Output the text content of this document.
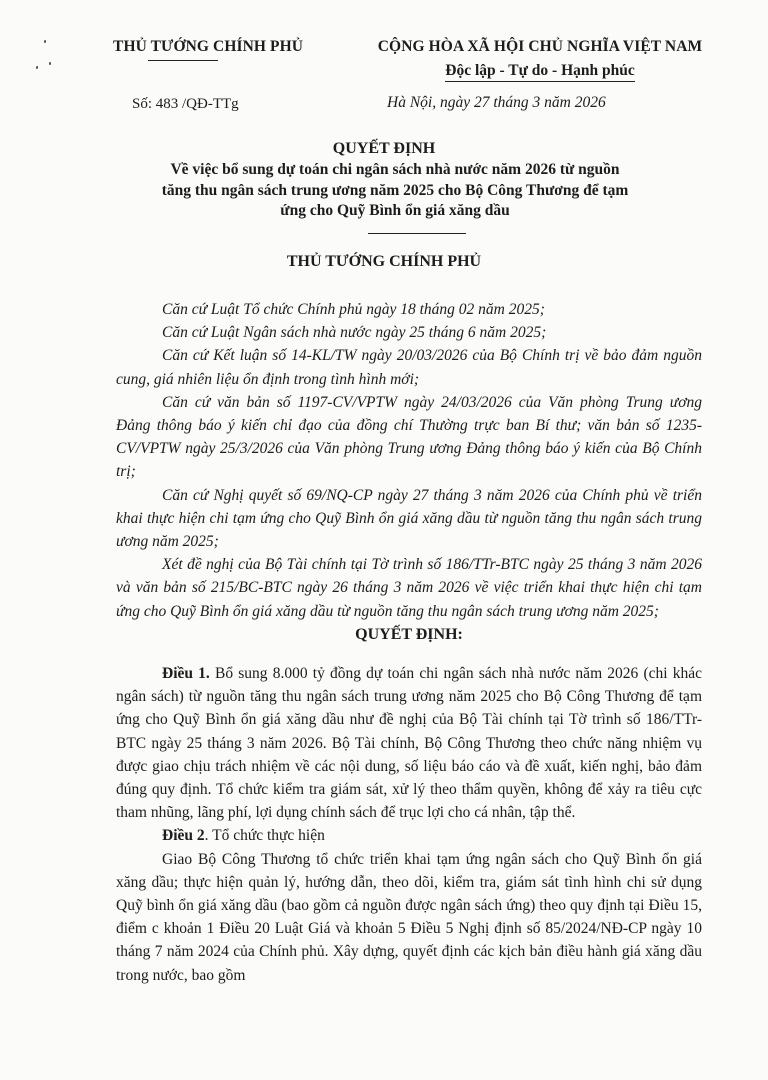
THỦ TƯỚNG CHÍNH PHỦ	CỘNG HÒA XÃ HỘI CHỦ NGHĨA VIỆT NAM
Độc lập - Tự do - Hạnh phúc
Số: 483 /QĐ-TTg	Hà Nội, ngày 27 tháng 3 năm 2026
QUYẾT ĐỊNH
Về việc bổ sung dự toán chi ngân sách nhà nước năm 2026 từ nguồn tăng thu ngân sách trung ương năm 2025 cho Bộ Công Thương để tạm ứng cho Quỹ Bình ổn giá xăng dầu
THỦ TƯỚNG CHÍNH PHỦ

Căn cứ Luật Tổ chức Chính phủ ngày 18 tháng 02 năm 2025;

Căn cứ Luật Ngân sách nhà nước ngày 25 tháng 6 năm 2025;

Căn cứ Kết luận số 14-KL/TW ngày 20/03/2026 của Bộ Chính trị về bảo đảm nguồn cung, giá nhiên liệu ổn định trong tình hình mới;

Căn cứ văn bản số 1197-CV/VPTW ngày 24/03/2026 của Văn phòng Trung ương Đảng thông báo ý kiến chỉ đạo của đồng chí Thường trực ban Bí thư; văn bản số 1235-CV/VPTW ngày 25/3/2026 của Văn phòng Trung ương Đảng thông báo ý kiến của Bộ Chính trị;

Căn cứ Nghị quyết số 69/NQ-CP ngày 27 tháng 3 năm 2026 của Chính phủ về triển khai thực hiện chi tạm ứng cho Quỹ Bình ổn giá xăng dầu từ nguồn tăng thu ngân sách trung ương năm 2025;

Xét đề nghị của Bộ Tài chính tại Tờ trình số 186/TTr-BTC ngày 25 tháng 3 năm 2026 và văn bản số 215/BC-BTC ngày 26 tháng 3 năm 2026 về việc triển khai thực hiện chi tạm ứng cho Quỹ Bình ổn giá xăng dầu từ nguồn tăng thu ngân sách trung ương năm 2025;

QUYẾT ĐỊNH:

Điều 1. Bổ sung 8.000 tỷ đồng dự toán chi ngân sách nhà nước năm 2026 (chi khác ngân sách) từ nguồn tăng thu ngân sách trung ương năm 2025 cho Bộ Công Thương để tạm ứng cho Quỹ Bình ổn giá xăng dầu như đề nghị của Bộ Tài chính tại Tờ trình số 186/TTr-BTC ngày 25 tháng 3 năm 2026. Bộ Tài chính, Bộ Công Thương theo chức năng nhiệm vụ được giao chịu trách nhiệm về các nội dung, số liệu báo cáo và đề xuất, kiến nghị, bảo đảm đúng quy định. Tổ chức kiểm tra giám sát, xử lý theo thẩm quyền, không để xảy ra tiêu cực tham nhũng, lãng phí, lợi dụng chính sách để trục lợi cho cá nhân, tập thể.

Điều 2. Tổ chức thực hiện

Giao Bộ Công Thương tổ chức triển khai tạm ứng ngân sách cho Quỹ Bình ổn giá xăng dầu; thực hiện quản lý, hướng dẫn, theo dõi, kiểm tra, giám sát tình hình chi sử dụng Quỹ bình ổn giá xăng dầu (bao gồm cả nguồn được ngân sách ứng) theo quy định tại Điều 15, điểm c khoản 1 Điều 20 Luật Giá và khoản 5 Điều 5 Nghị định số 85/2024/NĐ-CP ngày 10 tháng 7 năm 2024 của Chính phủ. Xây dựng, quyết định các kịch bản điều hành giá xăng dầu trong nước, bao gồm
